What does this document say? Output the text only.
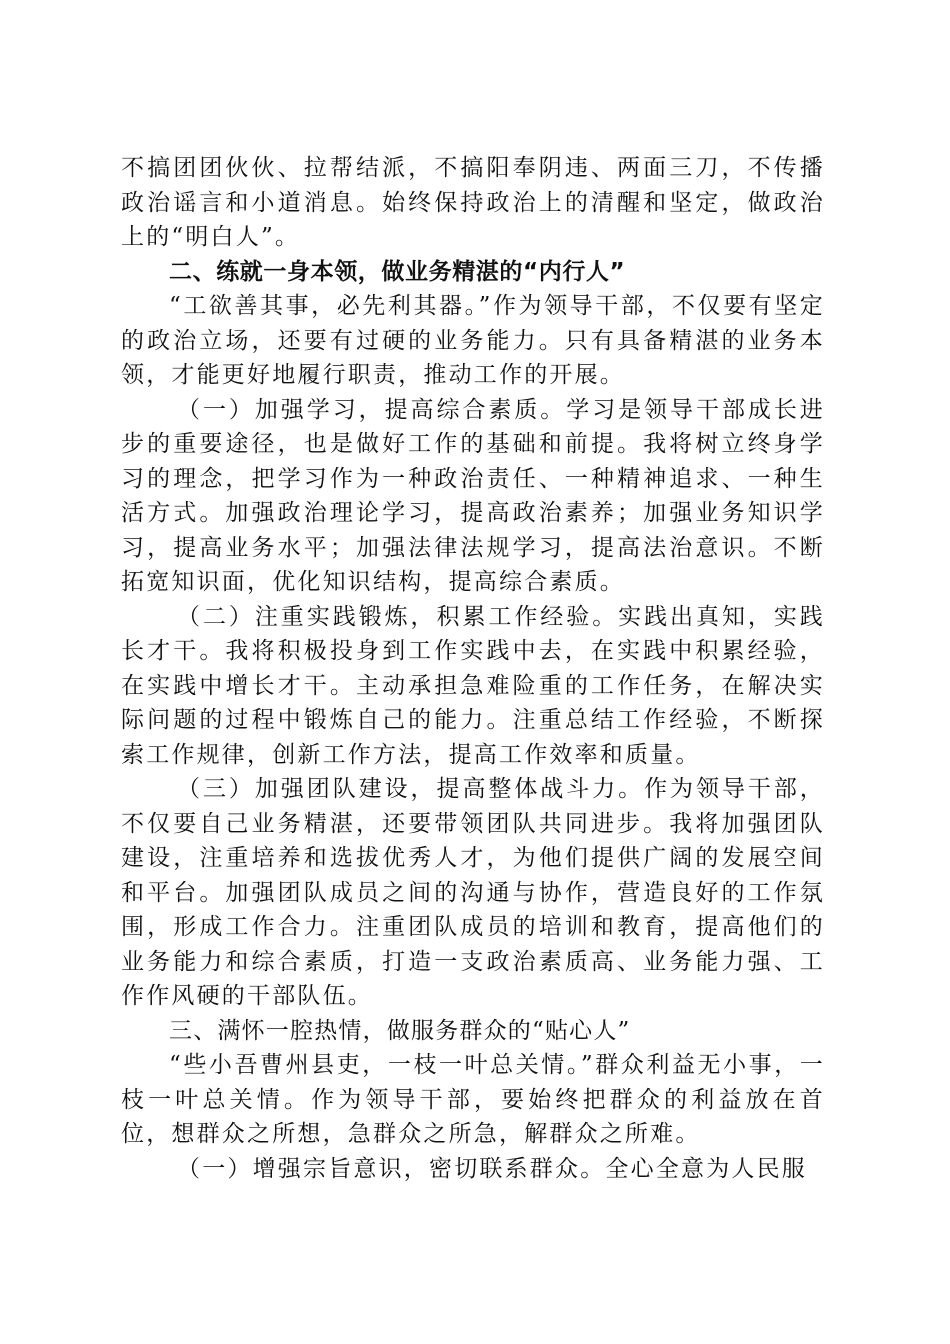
不搞团团伙伙、拉帮结派，不搞阳奉阴违、两面三刀，不传播政治谣言和小道消息。始终保持政治上的清醒和坚定，做政治上的“明白人”。

二、练就一身本领，做业务精湛的“内行人”

“工欲善其事，必先利其器。”作为领导干部，不仅要有坚定的政治立场，还要有过硬的业务能力。只有具备精湛的业务本领，才能更好地履行职责，推动工作的开展。

（一）加强学习，提高综合素质。学习是领导干部成长进步的重要途径，也是做好工作的基础和前提。我将树立终身学习的理念，把学习作为一种政治责任、一种精神追求、一种生活方式。加强政治理论学习，提高政治素养；加强业务知识学习，提高业务水平；加强法律法规学习，提高法治意识。不断拓宽知识面，优化知识结构，提高综合素质。

（二）注重实践锻炼，积累工作经验。实践出真知，实践长才干。我将积极投身到工作实践中去，在实践中积累经验，在实践中增长才干。主动承担急难险重的工作任务，在解决实际问题的过程中锻炼自己的能力。注重总结工作经验，不断探索工作规律，创新工作方法，提高工作效率和质量。

（三）加强团队建设，提高整体战斗力。作为领导干部，不仅要自己业务精湛，还要带领团队共同进步。我将加强团队建设，注重培养和选拔优秀人才，为他们提供广阔的发展空间和平台。加强团队成员之间的沟通与协作，营造良好的工作氛围，形成工作合力。注重团队成员的培训和教育，提高他们的业务能力和综合素质，打造一支政治素质高、业务能力强、工作作风硬的干部队伍。

三、满怀一腔热情，做服务群众的“贴心人”

“些小吾曹州县吏，一枝一叶总关情。”群众利益无小事，一枝一叶总关情。作为领导干部，要始终把群众的利益放在首位，想群众之所想，急群众之所急，解群众之所难。

（一）增强宗旨意识，密切联系群众。全心全意为人民服
